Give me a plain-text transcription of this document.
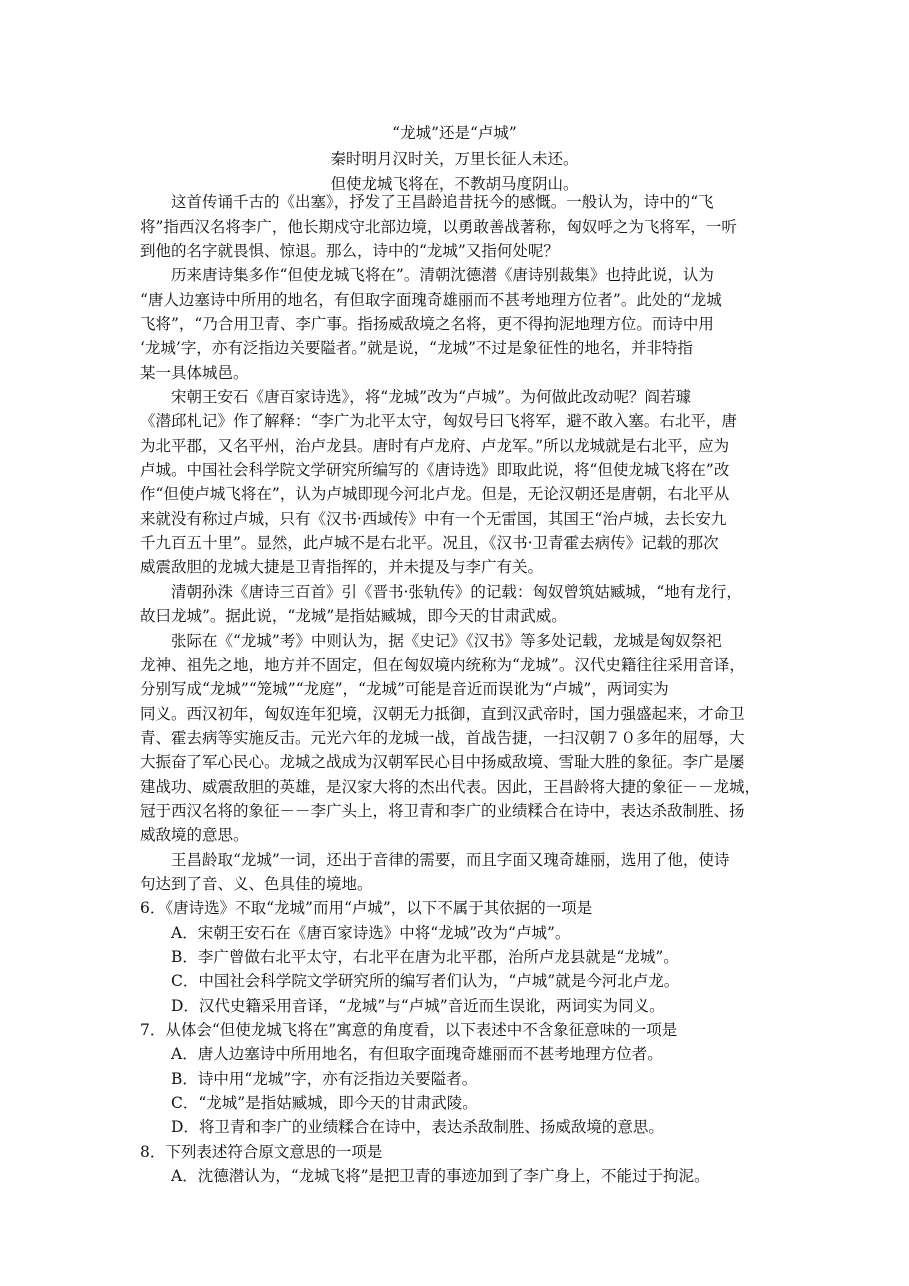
“龙城”还是“卢城”
秦时明月汉时关，万里长征人未还。
但使龙城飞将在，不教胡马度阴山。
这首传诵千古的《出塞》，抒发了王昌龄追昔抚今的感慨。一般认为，诗中的“飞
将”指西汉名将李广，他长期戍守北部边境，以勇敢善战著称，匈奴呼之为飞将军，一听
到他的名字就畏惧、惊退。那么，诗中的“龙城”又指何处呢？
历来唐诗集多作“但使龙城飞将在”。清朝沈德潜《唐诗别裁集》也持此说，认为
“唐人边塞诗中所用的地名，有但取字面瑰奇雄丽而不甚考地理方位者”。此处的“龙城
飞将”，“乃合用卫青、李广事。指扬威敌境之名将，更不得拘泥地理方位。而诗中用
‘龙城’字，亦有泛指边关要隘者。”就是说，“龙城”不过是象征性的地名，并非特指
某一具体城邑。
宋朝王安石《唐百家诗选》，将“龙城”改为“卢城”。为何做此改动呢？阎若璩
《潜邱札记》作了解释：“李广为北平太守，匈奴号曰飞将军，避不敢入塞。右北平，唐
为北平郡，又名平州，治卢龙县。唐时有卢龙府、卢龙军。”所以龙城就是右北平，应为
卢城。中国社会科学院文学研究所编写的《唐诗选》即取此说，将“但使龙城飞将在”改
作“但使卢城飞将在”，认为卢城即现今河北卢龙。但是，无论汉朝还是唐朝，右北平从
来就没有称过卢城，只有《汉书·西域传》中有一个无雷国，其国王“治卢城，去长安九
千九百五十里”。显然，此卢城不是右北平。况且，《汉书·卫青霍去病传》记载的那次
威震敌胆的龙城大捷是卫青指挥的，并未提及与李广有关。
清朝孙洙《唐诗三百首》引《晋书·张轨传》的记载：匈奴曾筑姑臧城，“地有龙行，
故曰龙城”。据此说，“龙城”是指姑臧城，即今天的甘肃武威。
张际在《“龙城”考》中则认为，据《史记》《汉书》等多处记载，龙城是匈奴祭祀
龙神、祖先之地，地方并不固定，但在匈奴境内统称为“龙城”。汉代史籍往往采用音译，
分别写成“龙城”“笼城”“龙庭”，“龙城”可能是音近而误讹为“卢城”，两词实为
同义。西汉初年，匈奴连年犯境，汉朝无力抵御，直到汉武帝时，国力强盛起来，才命卫
青、霍去病等实施反击。元光六年的龙城一战，首战告捷，一扫汉朝７０多年的屈辱，大
大振奋了军心民心。龙城之战成为汉朝军民心目中扬威敌境、雪耻大胜的象征。李广是屡
建战功、威震敌胆的英雄，是汉家大将的杰出代表。因此，王昌龄将大捷的象征－－龙城，
冠于西汉名将的象征－－李广头上，将卫青和李广的业绩糅合在诗中，表达杀敌制胜、扬
威敌境的意思。
王昌龄取“龙城”一词，还出于音律的需要，而且字面又瑰奇雄丽，选用了他，使诗
句达到了音、义、色具佳的境地。
6．《唐诗选》不取“龙城”而用“卢城”，以下不属于其依据的一项是
A．宋朝王安石在《唐百家诗选》中将“龙城”改为“卢城”。
B．李广曾做右北平太守，右北平在唐为北平郡，治所卢龙县就是“龙城”。
C．中国社会科学院文学研究所的编写者们认为，“卢城”就是今河北卢龙。
D．汉代史籍采用音译，“龙城”与“卢城”音近而生误讹，两词实为同义。
7．从体会“但使龙城飞将在”寓意的角度看，以下表述中不含象征意味的一项是
A．唐人边塞诗中所用地名，有但取字面瑰奇雄丽而不甚考地理方位者。
B．诗中用“龙城”字，亦有泛指边关要隘者。
C．“龙城”是指姑臧城，即今天的甘肃武陵。
D．将卫青和李广的业绩糅合在诗中，表达杀敌制胜、扬威敌境的意思。
8．下列表述符合原文意思的一项是
A．沈德潜认为，“龙城飞将”是把卫青的事迹加到了李广身上，不能过于拘泥。
